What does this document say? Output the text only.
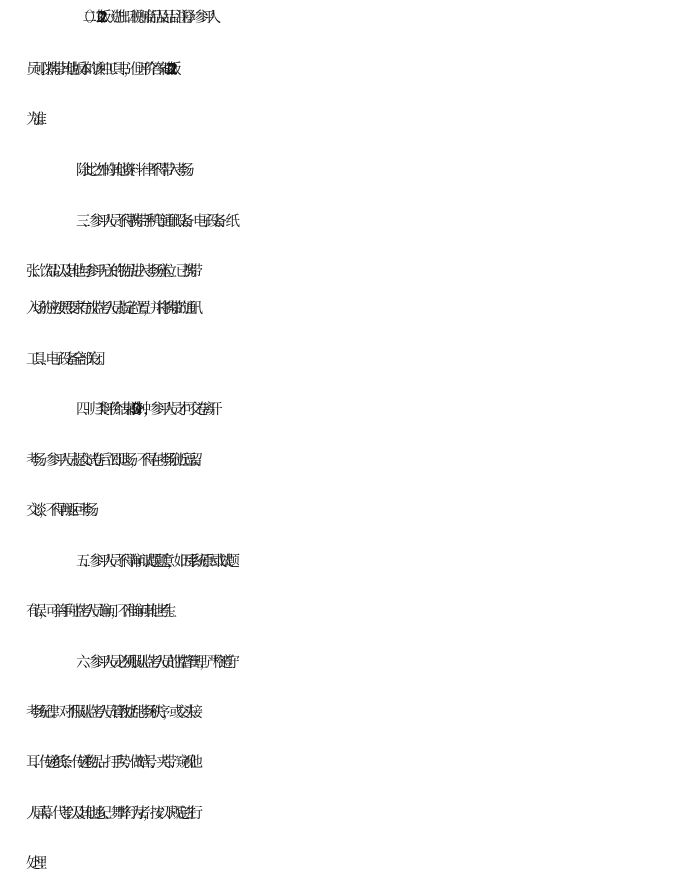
（二）2022 版《进出口税则商品及品目注释》。参评人
员可以携带其他版本的该种工具书，但评价答案以 2022 版
为准。
除此之外的其他资料一律不得带入考场。
三、参评人员不得携带手机等通讯设备、电子设备、纸
张、饮品以及其他与参评无关的物品进入考场座位。已携带
入场的应按照要求存放监考人员指定位置，并将携带的通讯
工具、电子设备全部关闭。
四、归类评价结束前 30 分钟，参评人员才可交卷离开
考场。参评人员提交试卷后立即退场，不得在考场附近逗留、
交谈，不得再返回考场。
五、参评人员不得询问试题题意，如因系统原因或试题
有误，可举手向监考人员询问，不准询问其他考生。
六、参评人员必须服从监考人员的监督管理，严格遵守
考场纪律。对不服从监考人员管教扰乱考场秩序，或交头接
耳、传递纸条、传递物品、打手势、做暗号、夹带、窥视他
人屏幕、代考以及其他违纪、舞弊行为者，按以下规定进行
处理：
